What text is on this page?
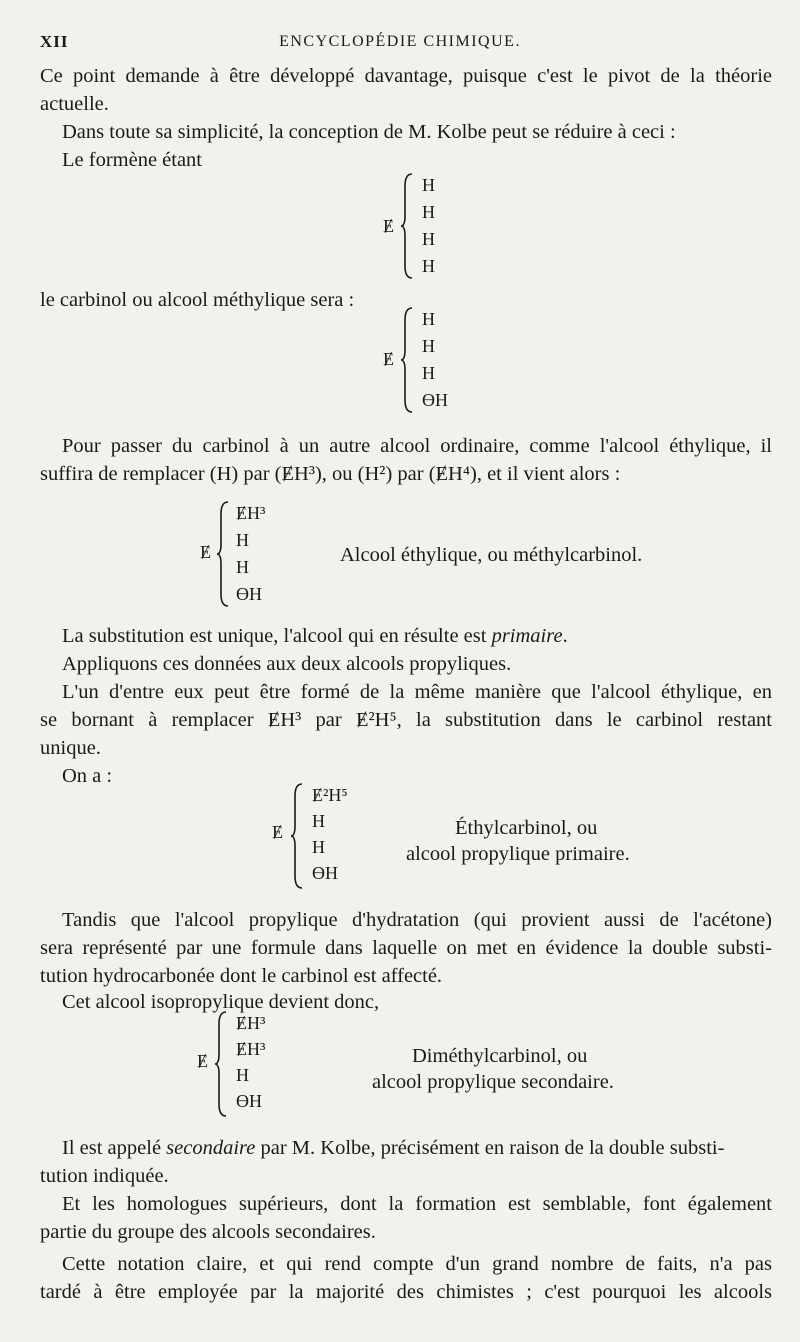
XII	ENCYCLOPÉDIE CHIMIQUE.
Ce point demande à être développé davantage, puisque c'est le pivot de la théorie
actuelle.
Dans toute sa simplicité, la conception de M. Kolbe peut se réduire à ceci :
Le formène étant
Ɇ
H
H
H
H
le carbinol ou alcool méthylique sera :
Ɇ
H
H
H
ƟH
Pour passer du carbinol à un autre alcool ordinaire, comme l'alcool éthylique, il
suffira de remplacer (H) par (ɆH³), ou (H²) par (ɆH⁴), et il vient alors :
Ɇ
ɆH³
H
H
ƟH
Alcool éthylique, ou méthylcarbinol.
La substitution est unique, l'alcool qui en résulte est primaire.
Appliquons ces données aux deux alcools propyliques.
L'un d'entre eux peut être formé de la même manière que l'alcool éthylique, en
se bornant à remplacer ɆH³ par Ɇ²H⁵, la substitution dans le carbinol restant
unique.
On a :
Ɇ
Ɇ²H⁵
H
H
ƟH
Éthylcarbinol, ou
alcool propylique primaire.
Tandis que l'alcool propylique d'hydratation (qui provient aussi de l'acétone)
sera représenté par une formule dans laquelle on met en évidence la double substi-
tution hydrocarbonée dont le carbinol est affecté.
Cet alcool isopropylique devient donc,
Ɇ
ɆH³
ɆH³
H
ƟH
Diméthylcarbinol, ou
alcool propylique secondaire.
Il est appelé secondaire par M. Kolbe, précisément en raison de la double substi-
tution indiquée.
Et les homologues supérieurs, dont la formation est semblable, font également
partie du groupe des alcools secondaires.
Cette notation claire, et qui rend compte d'un grand nombre de faits, n'a pas
tardé à être employée par la majorité des chimistes ; c'est pourquoi les alcools
